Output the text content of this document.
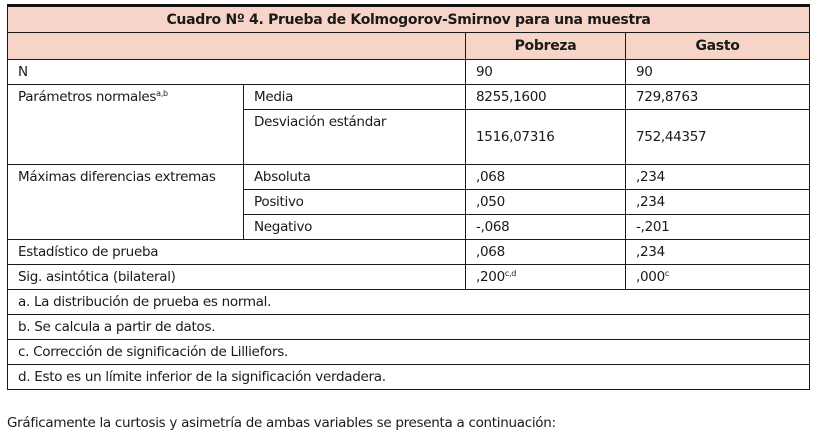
Cuadro Nº 4. Prueba de Kolmogorov-Smirnov para una muestra			
		Pobreza	Gasto
N		90	90
Parámetros normales$^{a,b}$	Media	8255,1600	729,8763
	Desviación estándar	1516,07316	752,44357
Máximas diferencias extremas	Absoluta	,068	,234
	Positivo	,050	,234
	Negativo	-,068	-,201
Estadístico de prueba		,068	,234
Sig. asintótica (bilateral)		,200$^{c,d}$	,000$^c$
a. La distribución de prueba es normal.			
b. Se calcula a partir de datos.			
c. Corrección de significación de Lilliefors.			
d. Esto es un límite inferior de la significación verdadera.			

Gráficamente la curtosis y asimetría de ambas variables se presenta a continuación:
